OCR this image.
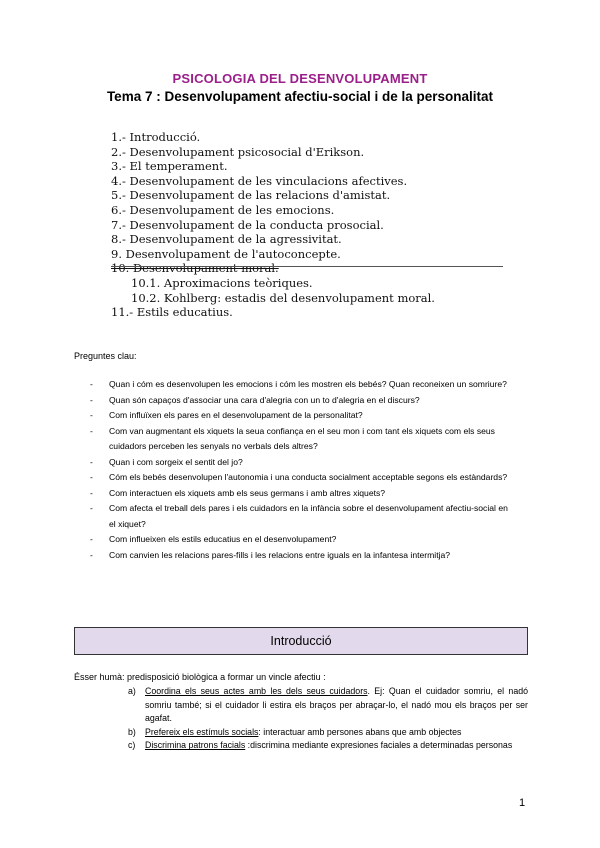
PSICOLOGIA DEL DESENVOLUPAMENT
Tema 7 : Desenvolupament afectiu-social i de la personalitat
1.- Introducció.
2.- Desenvolupament psicosocial d'Erikson.
3.- El temperament.
4.- Desenvolupament de les vinculacions afectives.
5.- Desenvolupament de las relacions d'amistat.
6.- Desenvolupament de les emocions.
7.- Desenvolupament de la conducta prosocial.
8.- Desenvolupament de la agressivitat.
9. Desenvolupament de l'autoconcepte.
10. Desenvolupament moral.
10.1. Aproximacions teòriques.
10.2. Kohlberg: estadis del desenvolupament moral.
11.- Estils educatius.
Preguntes clau:
- Quan i cóm es desenvolupen les emocions i cóm les mostren els bebés? Quan reconeixen un somriure?
- Quan són capaços d'associar una cara d'alegria con un to d'alegria en el discurs?
- Com influïxen els pares en el desenvolupament de la personalitat?
- Com van augmentant els xiquets la seua confiança en el seu mon i com tant els xiquets com els seus cuidadors perceben les senyals no verbals dels altres?
- Quan i com sorgeix el sentit del jo?
- Cóm els bebés desenvolupen l'autonomia i una conducta socialment acceptable segons els estàndards?
- Com interactuen els xiquets amb els seus germans i amb altres xiquets?
- Com afecta el treball dels pares i els cuidadors en la infància sobre el desenvolupament afectiu-social en el xiquet?
- Com influeixen els estils educatius en el desenvolupament?
- Com canvien les relacions pares-fills i les relacions entre iguals en la infantesa intermitja?
Introducció
Ésser humà: predisposició biològica a formar un vincle afectiu :
a) Coordina els seus actes amb les dels seus cuidadors. Ej: Quan el cuidador somriu, el nadó somriu també; si el cuidador li estira els braços per abraçar-lo, el nadó mou els braços per ser agafat.
b) Prefereix els estímuls socials: interactuar amb persones abans que amb objectes
c) Discrimina patrons facials :discrimina mediante expresiones faciales a determinadas personas
1
